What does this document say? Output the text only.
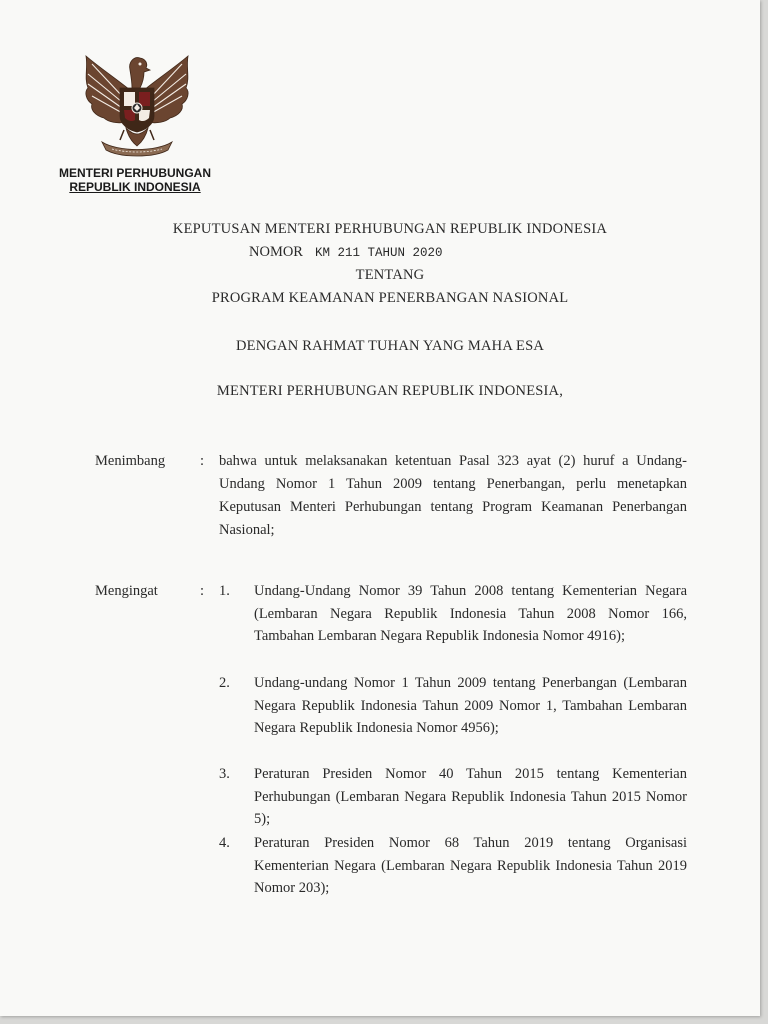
MENTERI PERHUBUNGAN
REPUBLIK INDONESIA
KEPUTUSAN MENTERI PERHUBUNGAN REPUBLIK INDONESIA
NOMOR KM 211 TAHUN 2020
TENTANG
PROGRAM KEAMANAN PENERBANGAN NASIONAL
DENGAN RAHMAT TUHAN YANG MAHA ESA
MENTERI PERHUBUNGAN REPUBLIK INDONESIA,
Menimbang : bahwa untuk melaksanakan ketentuan Pasal 323 ayat (2) huruf a Undang-Undang Nomor 1 Tahun 2009 tentang Penerbangan, perlu menetapkan Keputusan Menteri Perhubungan tentang Program Keamanan Penerbangan Nasional;
Mengingat	: 1. Undang-Undang Nomor 39 Tahun 2008 tentang Kementerian Negara (Lembaran Negara Republik Indonesia Tahun 2008 Nomor 166, Tambahan Lembaran Negara Republik Indonesia Nomor 4916);
2. Undang-undang Nomor 1 Tahun 2009 tentang Penerbangan (Lembaran Negara Republik Indonesia Tahun 2009 Nomor 1, Tambahan Lembaran Negara Republik Indonesia Nomor 4956);
3. Peraturan Presiden Nomor 40 Tahun 2015 tentang Kementerian Perhubungan (Lembaran Negara Republik Indonesia Tahun 2015 Nomor 5);
4. Peraturan Presiden Nomor 68 Tahun 2019 tentang Organisasi Kementerian Negara (Lembaran Negara Republik Indonesia Tahun 2019 Nomor 203);
